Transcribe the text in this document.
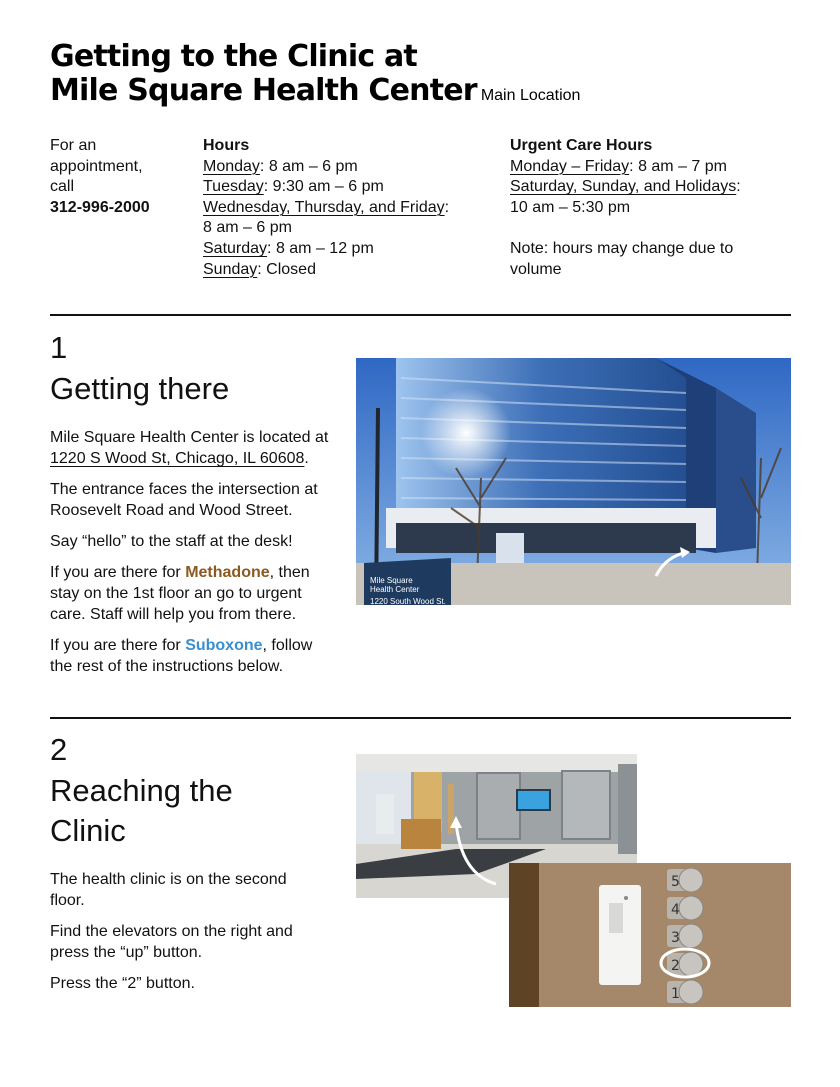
Getting to the Clinic at
Mile Square Health Center Main Location
For an
appointment,
call
312-996-2000
Hours
Monday: 8 am – 6 pm
Tuesday: 9:30 am – 6 pm
Wednesday, Thursday, and Friday:
8 am – 6 pm
Saturday: 8 am – 12 pm
Sunday: Closed
Urgent Care Hours
Monday – Friday: 8 am – 7 pm
Saturday, Sunday, and Holidays:
10 am – 5:30 pm
Note: hours may change due to volume
1
Getting there

Mile Square Health Center is located at 1220 S Wood St, Chicago, IL 60608.

The entrance faces the intersection at Roosevelt Road and Wood Street.

Say “hello” to the staff at the desk!

If you are there for Methadone, then stay on the 1st floor an go to urgent care. Staff will help you from there.

If you are there for Suboxone, follow the rest of the instructions below.

Mile Square
Health Center
1220 South Wood St.
2
Reaching the
Clinic

The health clinic is on the second floor.

Find the elevators on the right and press the “up” button.

Press the “2” button.

5
4
3
2
1
